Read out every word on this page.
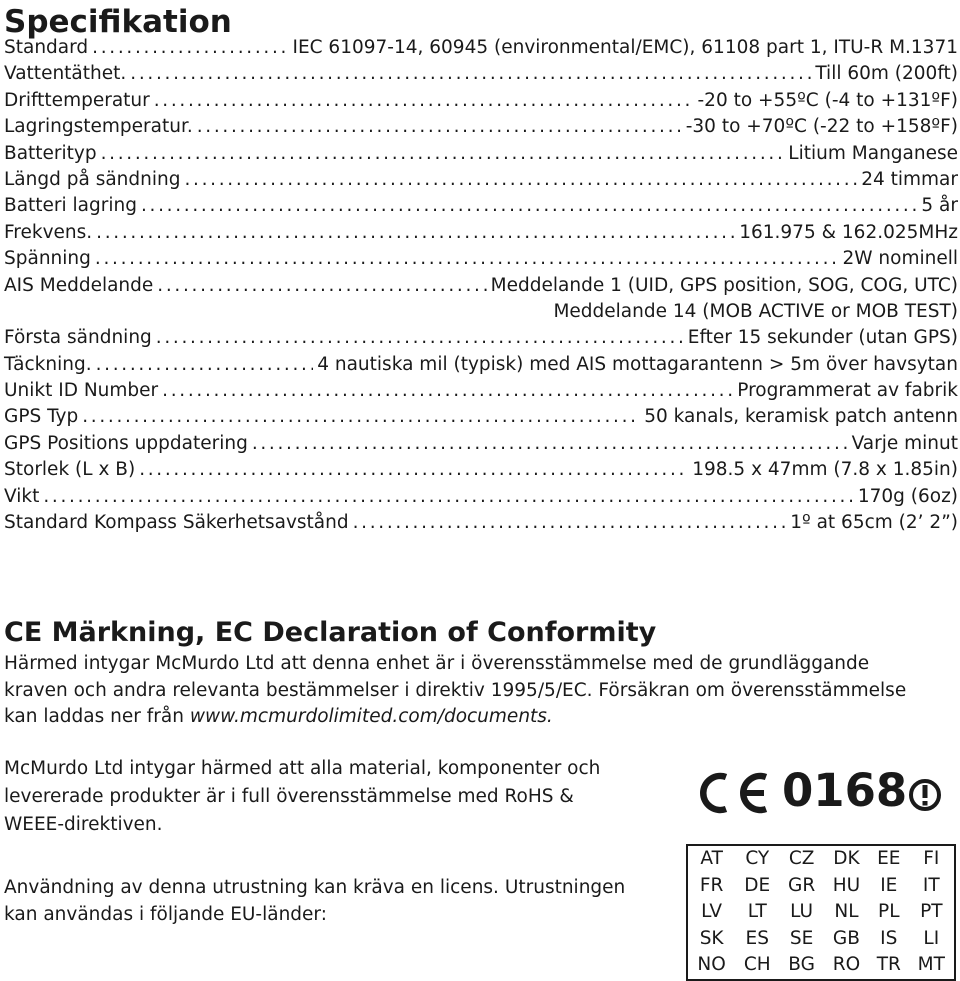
Specifikation
Standard . . .	IEC 61097-14, 60945 (environmental/EMC), 61108 part 1, ITU-R M.1371
Vattentäthet. . . .	Till 60m (200ft)
Drifttemperatur . . .	-20 to +55ºC (-4 to +131ºF)
Lagringstemperatur. . . .	-30 to +70ºC (-22 to +158ºF)
Batterityp . . .	Litium Manganese
Längd på sändning . . .	24 timmar
Batteri lagring . . .	5 år
Frekvens. . . .	161.975 & 162.025MHz
Spänning . . .	2W nominell
AIS Meddelande . . .	Meddelande 1 (UID, GPS position, SOG, COG, UTC)
Meddelande 14 (MOB ACTIVE or MOB TEST)
Första sändning . . .	Efter 15 sekunder (utan GPS)
Täckning. . . .	4 nautiska mil (typisk) med AIS mottagarantenn > 5m över havsytan
Unikt ID Number . . .	Programmerat av fabrik
GPS Typ . . .	50 kanals, keramisk patch antenn
GPS Positions uppdatering . . .	Varje minut
Storlek (L x B) . . .	198.5 x 47mm (7.8 x 1.85in)
Vikt . . .	170g (6oz)
Standard Kompass Säkerhetsavstånd . . .	1º at 65cm (2’ 2”)
CE Märkning, EC Declaration of Conformity
Härmed intygar McMurdo Ltd att denna enhet är i överensstämmelse med de grundläggande
kraven och andra relevanta bestämmelser i direktiv 1995/5/EC. Försäkran om överensstämmelse
kan laddas ner från www.mcmurdolimited.com/documents.
McMurdo Ltd intygar härmed att alla material, komponenter och
levererade produkter är i full överensstämmelse med RoHS &
WEEE-direktiven.
Användning av denna utrustning kan kräva en licens. Utrustningen
kan användas i följande EU-länder:
0168
AT	CY	CZ	DK	EE	FI
FR	DE	GR	HU	IE	IT
LV	LT	LU	NL	PL	PT
SK	ES	SE	GB	IS	LI
NO	CH	BG	RO	TR	MT
